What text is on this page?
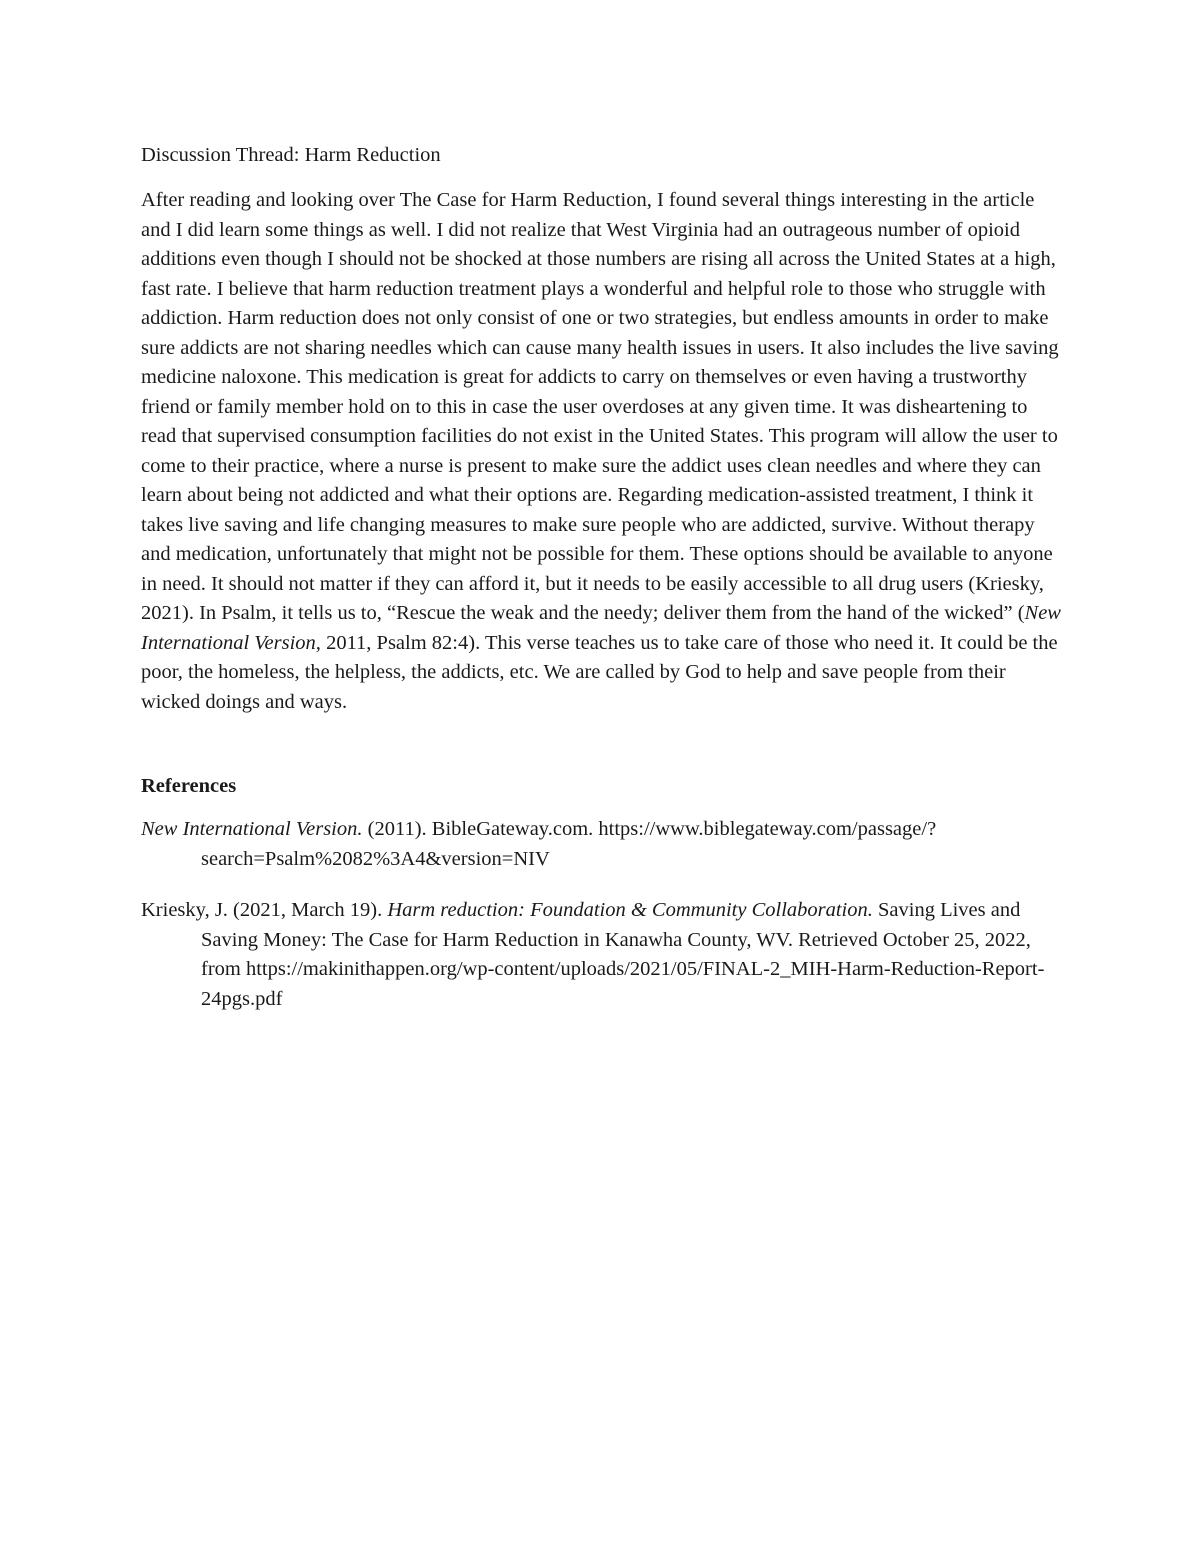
Discussion Thread: Harm Reduction

After reading and looking over The Case for Harm Reduction, I found several things interesting in the article and I did learn some things as well. I did not realize that West Virginia had an outrageous number of opioid additions even though I should not be shocked at those numbers are rising all across the United States at a high, fast rate. I believe that harm reduction treatment plays a wonderful and helpful role to those who struggle with addiction. Harm reduction does not only consist of one or two strategies, but endless amounts in order to make sure addicts are not sharing needles which can cause many health issues in users. It also includes the live saving medicine naloxone. This medication is great for addicts to carry on themselves or even having a trustworthy friend or family member hold on to this in case the user overdoses at any given time. It was disheartening to read that supervised consumption facilities do not exist in the United States. This program will allow the user to come to their practice, where a nurse is present to make sure the addict uses clean needles and where they can learn about being not addicted and what their options are. Regarding medication-assisted treatment, I think it takes live saving and life changing measures to make sure people who are addicted, survive. Without therapy and medication, unfortunately that might not be possible for them. These options should be available to anyone in need. It should not matter if they can afford it, but it needs to be easily accessible to all drug users (Kriesky, 2021). In Psalm, it tells us to, “Rescue the weak and the needy; deliver them from the hand of the wicked” (New International Version, 2011, Psalm 82:4). This verse teaches us to take care of those who need it. It could be the poor, the homeless, the helpless, the addicts, etc. We are called by God to help and save people from their wicked doings and ways.

References

New International Version. (2011). BibleGateway.com. https://www.biblegateway.com/passage/?search=Psalm%2082%3A4&version=NIV

Kriesky, J. (2021, March 19). Harm reduction: Foundation & Community Collaboration. Saving Lives and Saving Money: The Case for Harm Reduction in Kanawha County, WV. Retrieved October 25, 2022, from https://makinithappen.org/wp-content/uploads/2021/05/FINAL-2_MIH-Harm-Reduction-Report-24pgs.pdf
